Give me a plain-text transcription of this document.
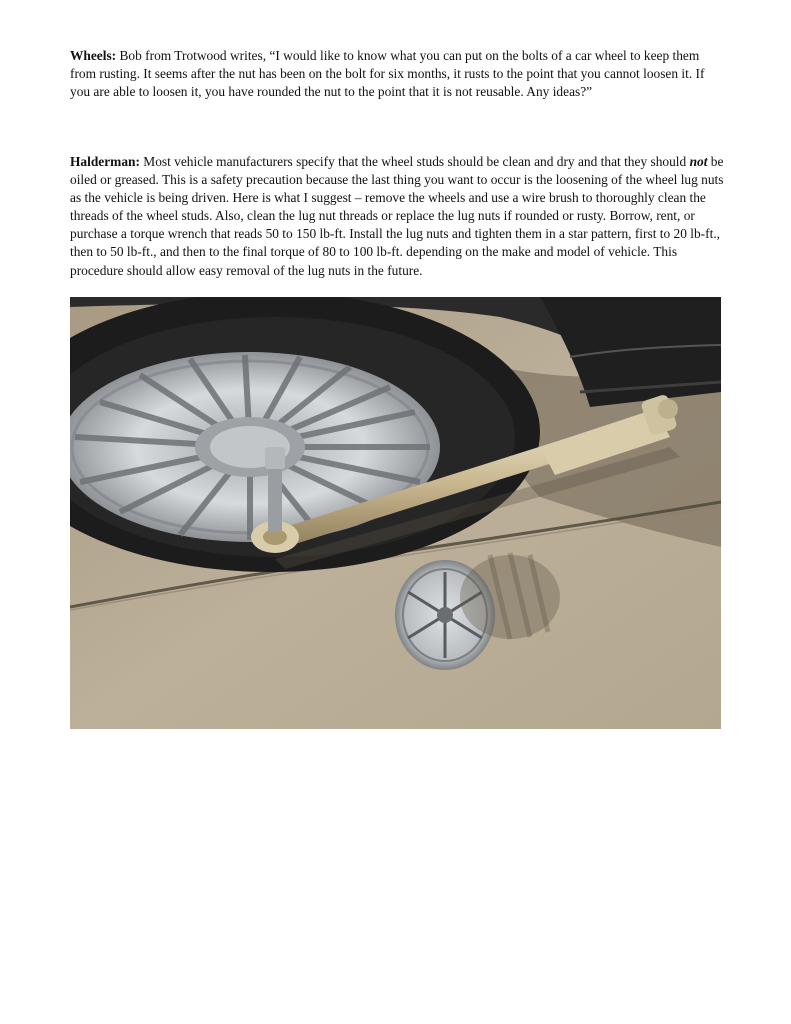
Wheels: Bob from Trotwood writes, “I would like to know what you can put on the bolts of a car wheel to keep them from rusting. It seems after the nut has been on the bolt for six months, it rusts to the point that you cannot loosen it. If you are able to loosen it, you have rounded the nut to the point that it is not reusable. Any ideas?”

Halderman: Most vehicle manufacturers specify that the wheel studs should be clean and dry and that they should not be oiled or greased. This is a safety precaution because the last thing you want to occur is the loosening of the wheel lug nuts as the vehicle is being driven. Here is what I suggest – remove the wheels and use a wire brush to thoroughly clean the threads of the wheel studs. Also, clean the lug nut threads or replace the lug nuts if rounded or rusty. Borrow, rent, or purchase a torque wrench that reads 50 to 150 lb-ft. Install the lug nuts and tighten them in a star pattern, first to 20 lb-ft., then to 50 lb-ft., and then to the final torque of 80 to 100 lb-ft. depending on the make and model of vehicle. This procedure should allow easy removal of the lug nuts in the future.
